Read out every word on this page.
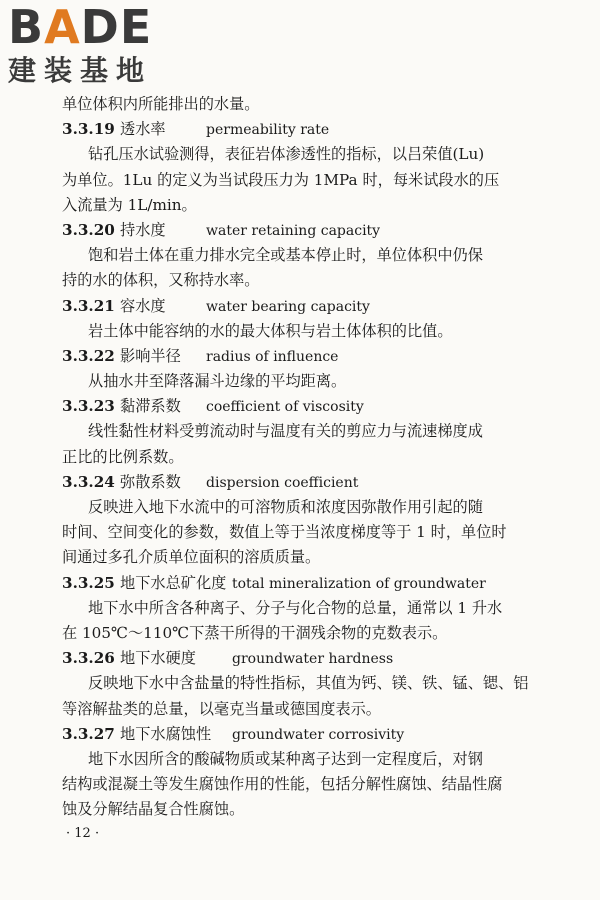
BADE
建装基地
单位体积内所能排出的水量。
3.3.19 透水率	permeability rate
钻孔压水试验测得，表征岩体渗透性的指标，以吕荣值(Lu)
为单位。1Lu 的定义为当试段压力为 1MPa 时，每米试段水的压
入流量为 1L/min。
3.3.20 持水度	water retaining capacity
饱和岩土体在重力排水完全或基本停止时，单位体积中仍保
持的水的体积，又称持水率。
3.3.21 容水度	water bearing capacity
岩土体中能容纳的水的最大体积与岩土体体积的比值。
3.3.22 影响半径 radius of influence
从抽水井至降落漏斗边缘的平均距离。
3.3.23 黏滞系数 coefficient of viscosity
线性黏性材料受剪流动时与温度有关的剪应力与流速梯度成
正比的比例系数。
3.3.24 弥散系数 dispersion coefficient
反映进入地下水流中的可溶物质和浓度因弥散作用引起的随
时间、空间变化的参数，数值上等于当浓度梯度等于 1 时，单位时
间通过多孔介质单位面积的溶质质量。
3.3.25 地下水总矿化度 total mineralization of groundwater
地下水中所含各种离子、分子与化合物的总量，通常以 1 升水
在 105℃～110℃下蒸干所得的干涸残余物的克数表示。
3.3.26 地下水硬度	groundwater hardness
反映地下水中含盐量的特性指标，其值为钙、镁、铁、锰、锶、铝
等溶解盐类的总量，以毫克当量或德国度表示。
3.3.27 地下水腐蚀性 groundwater corrosivity
地下水因所含的酸碱物质或某种离子达到一定程度后，对钢
结构或混凝土等发生腐蚀作用的性能，包括分解性腐蚀、结晶性腐
蚀及分解结晶复合性腐蚀。
· 12 ·
